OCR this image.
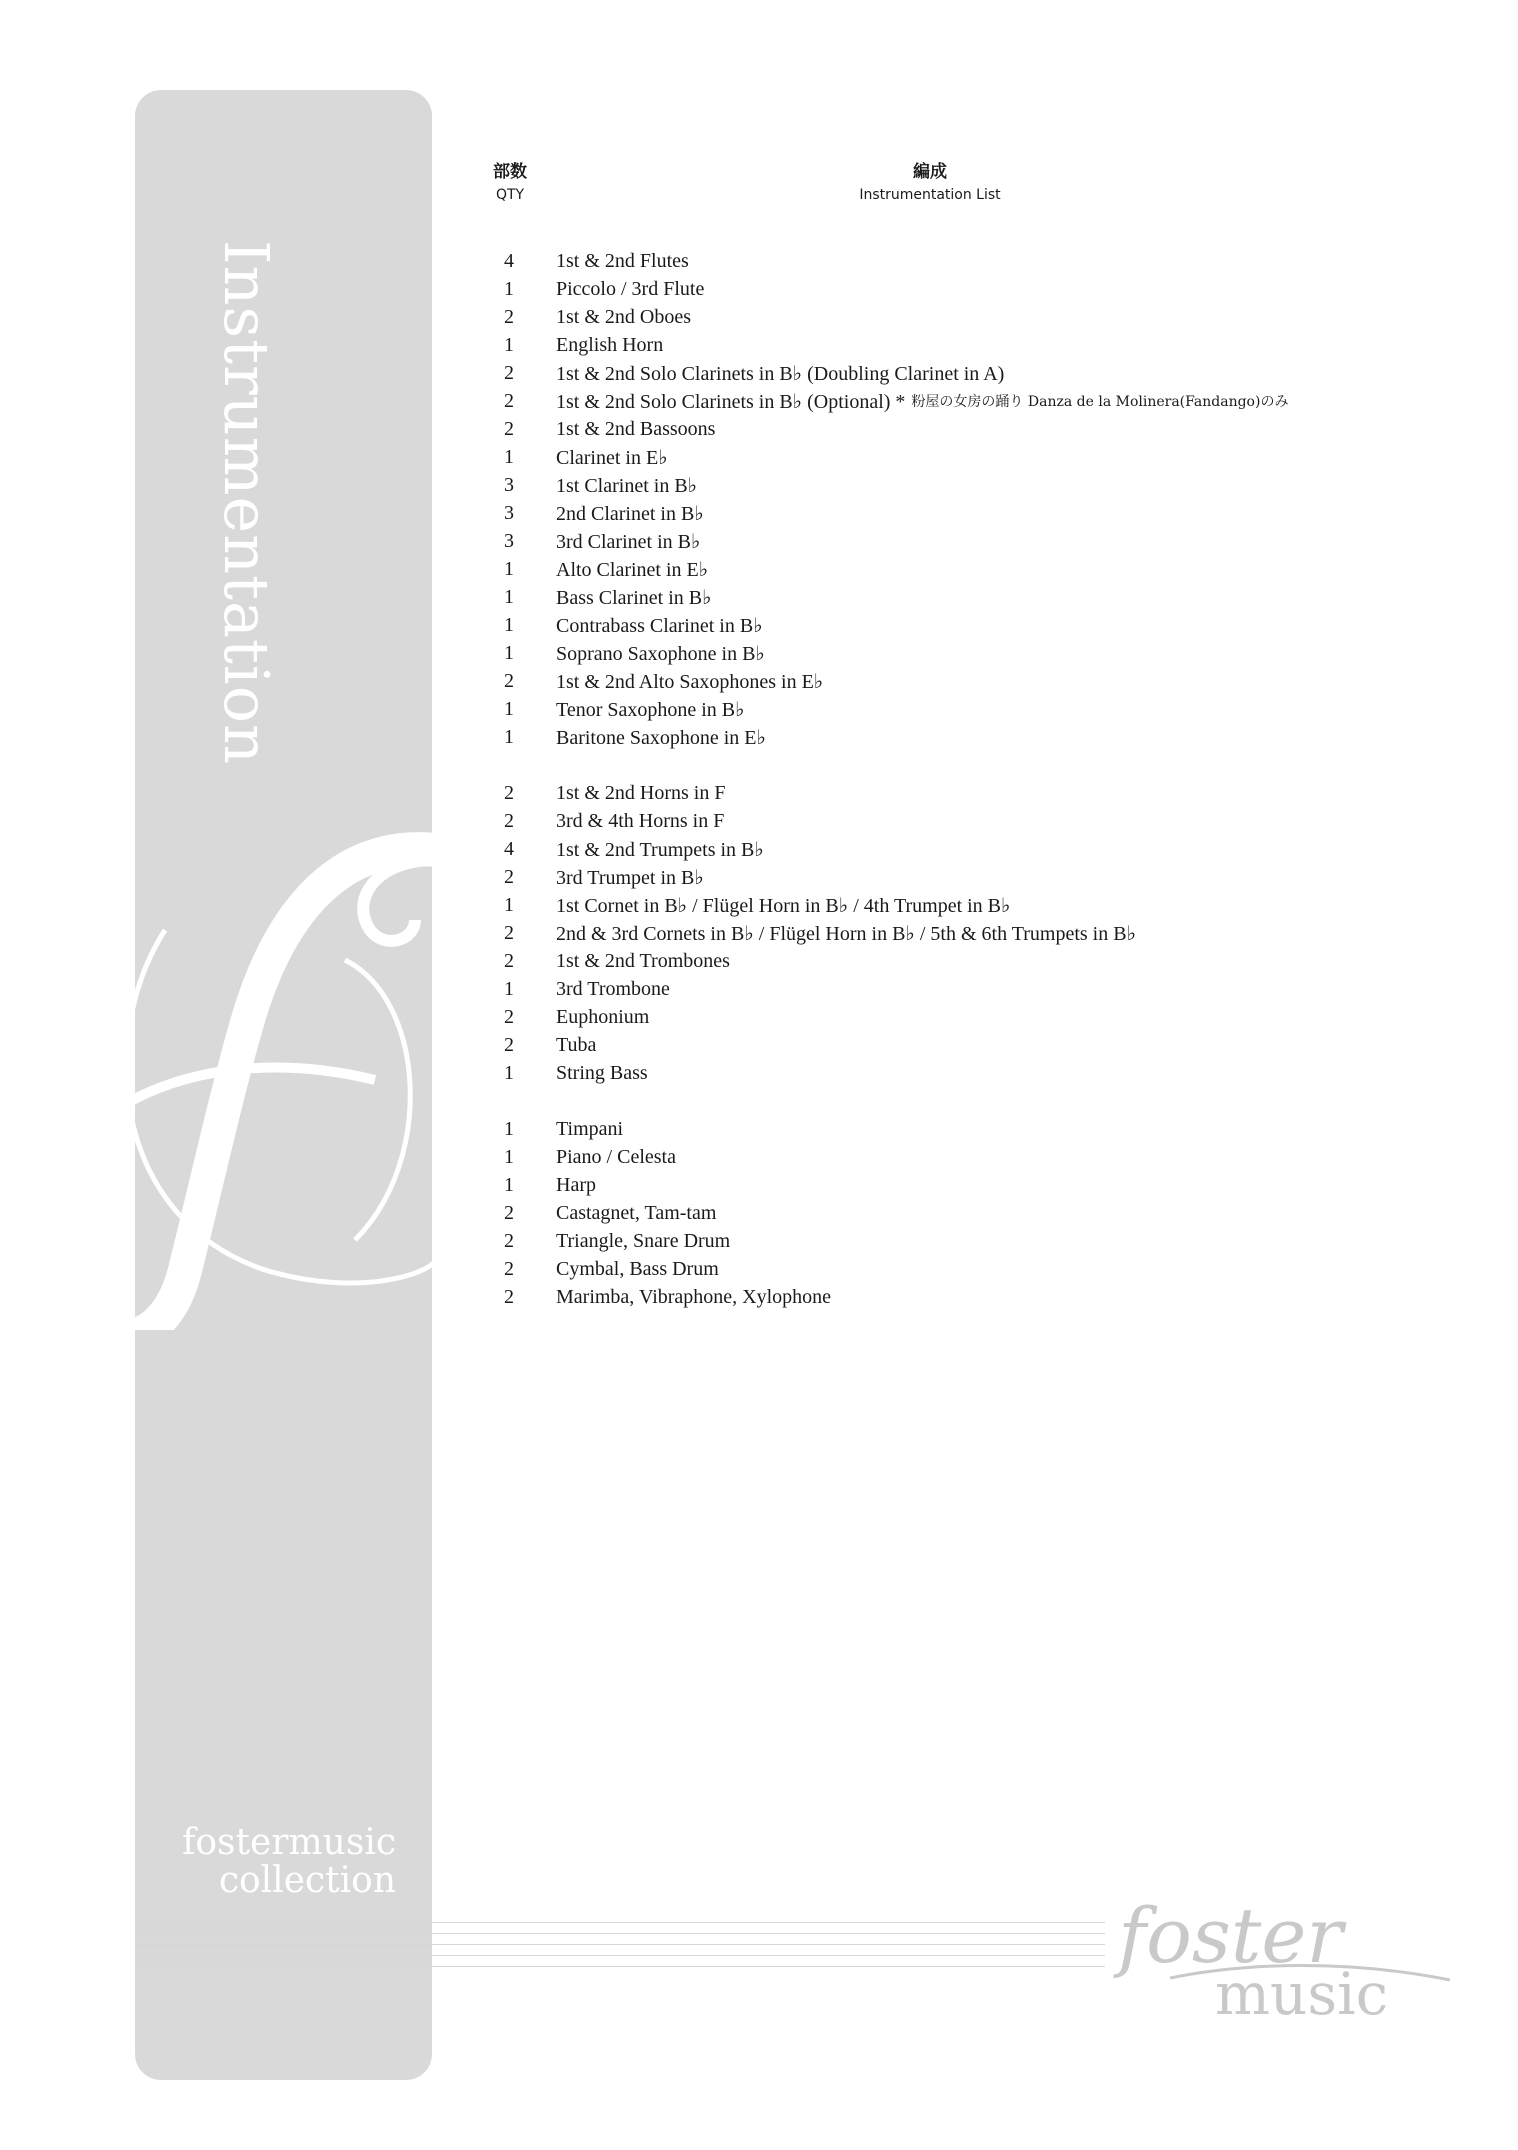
Instrumentation
fostermusic
collection
部数
QTY
編成
Instrumentation List
4	1st & 2nd Flutes
1	Piccolo / 3rd Flute
2	1st & 2nd Oboes
1	English Horn
2	1st & 2nd Solo Clarinets in B♭ (Doubling Clarinet in A)
2	1st & 2nd Solo Clarinets in B♭ (Optional) * 粉屋の女房の踊り Danza de la Molinera(Fandango)のみ
2	1st & 2nd Bassoons
1	Clarinet in E♭
3	1st Clarinet in B♭
3	2nd Clarinet in B♭
3	3rd Clarinet in B♭
1	Alto Clarinet in E♭
1	Bass Clarinet in B♭
1	Contrabass Clarinet in B♭
1	Soprano Saxophone in B♭
2	1st & 2nd Alto Saxophones in E♭
1	Tenor Saxophone in B♭
1	Baritone Saxophone in E♭
2	1st & 2nd Horns in F
2	3rd & 4th Horns in F
4	1st & 2nd Trumpets in B♭
2	3rd Trumpet in B♭
1	1st Cornet in B♭ / Flügel Horn in B♭ / 4th Trumpet in B♭
2	2nd & 3rd Cornets in B♭ / Flügel Horn in B♭ / 5th & 6th Trumpets in B♭
2	1st & 2nd Trombones
1	3rd Trombone
2	Euphonium
2	Tuba
1	String Bass
1	Timpani
1	Piano / Celesta
1	Harp
2	Castagnet, Tam-tam
2	Triangle, Snare Drum
2	Cymbal, Bass Drum
2	Marimba, Vibraphone, Xylophone
foster
music
